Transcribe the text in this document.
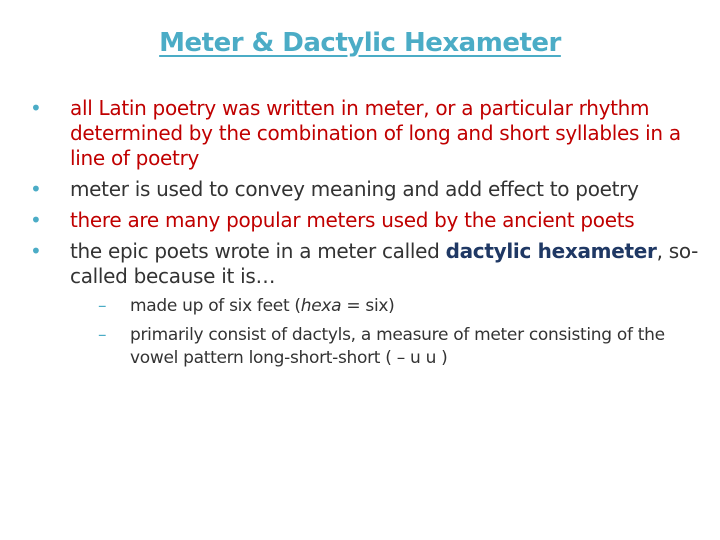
Meter & Dactylic Hexameter
• all Latin poetry was written in meter, or a particular rhythm determined by the combination of long and short syllables in a line of poetry
• meter is used to convey meaning and add effect to poetry
• there are many popular meters used by the ancient poets
• the epic poets wrote in a meter called dactylic hexameter, so-called because it is…
– made up of six feet (hexa = six)
– primarily consist of dactyls, a measure of meter consisting of the vowel pattern long-short-short ( – u u )
